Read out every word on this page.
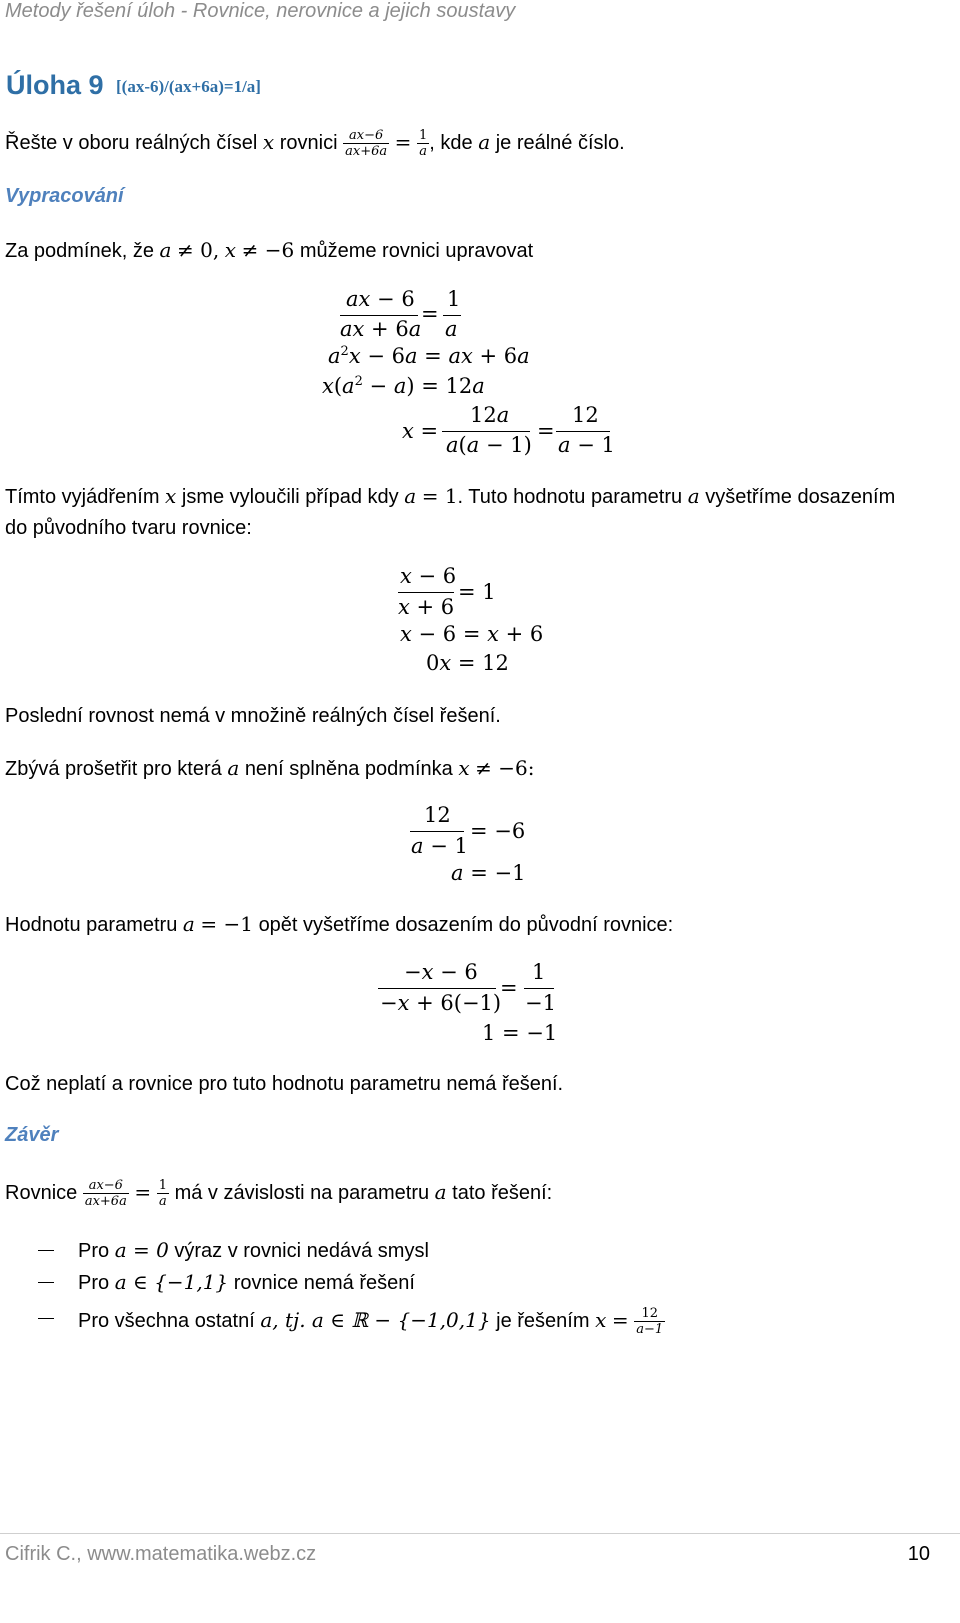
Metody řešení úloh - Rovnice, nerovnice a jejich soustavy
Úloha 9 [(ax-6)/(ax+6a)=1/a]
Řešte v oboru reálných čísel x rovnici $\frac{ax-6}{ax+6a} = \frac{1}{a}$ , kde a je reálné číslo.
Vypracování
Za podmínek, že a ≠ 0, x ≠ −6 můžeme rovnici upravovat
ax − 6
ax + 6a
=
1
a
$a^2x - 6a$ = ax + 6a
$x(a^2 - a) = 12a$
x =
12a
a(a − 1)
=
12
a − 1
Tímto vyjádřením x jsme vyloučili případ kdy a = 1. Tuto hodnotu parametru a vyšetříme dosazením
do původního tvaru rovnice:
x − 6
x + 6
= 1
x − 6 = x + 6
0x = 12
Poslední rovnost nemá v množině reálných čísel řešení.
Zbývá prošetřit pro která a není splněna podmínka x ≠ −6:
12
a − 1
= −6
a = −1
Hodnotu parametru a = −1 opět vyšetříme dosazením do původní rovnice:
−x − 6
−x + 6(−1)
=
1
−1
1 = −1
Což neplatí a rovnice pro tuto hodnotu parametru nemá řešení.
Závěr
Rovnice $\frac{ax-6}{ax+6a} = \frac{1}{a}$ má v závislosti na parametru a tato řešení:
Pro a = 0 výraz v rovnici nedává smysl
Pro a ∈ {−1,1} rovnice nemá řešení
Pro všechna ostatní a, tj. a ∈ ℝ − {−1,0,1} je řešením $x = \frac{12}{a-1}$
Cifrik C., www.matematika.webz.cz	10
